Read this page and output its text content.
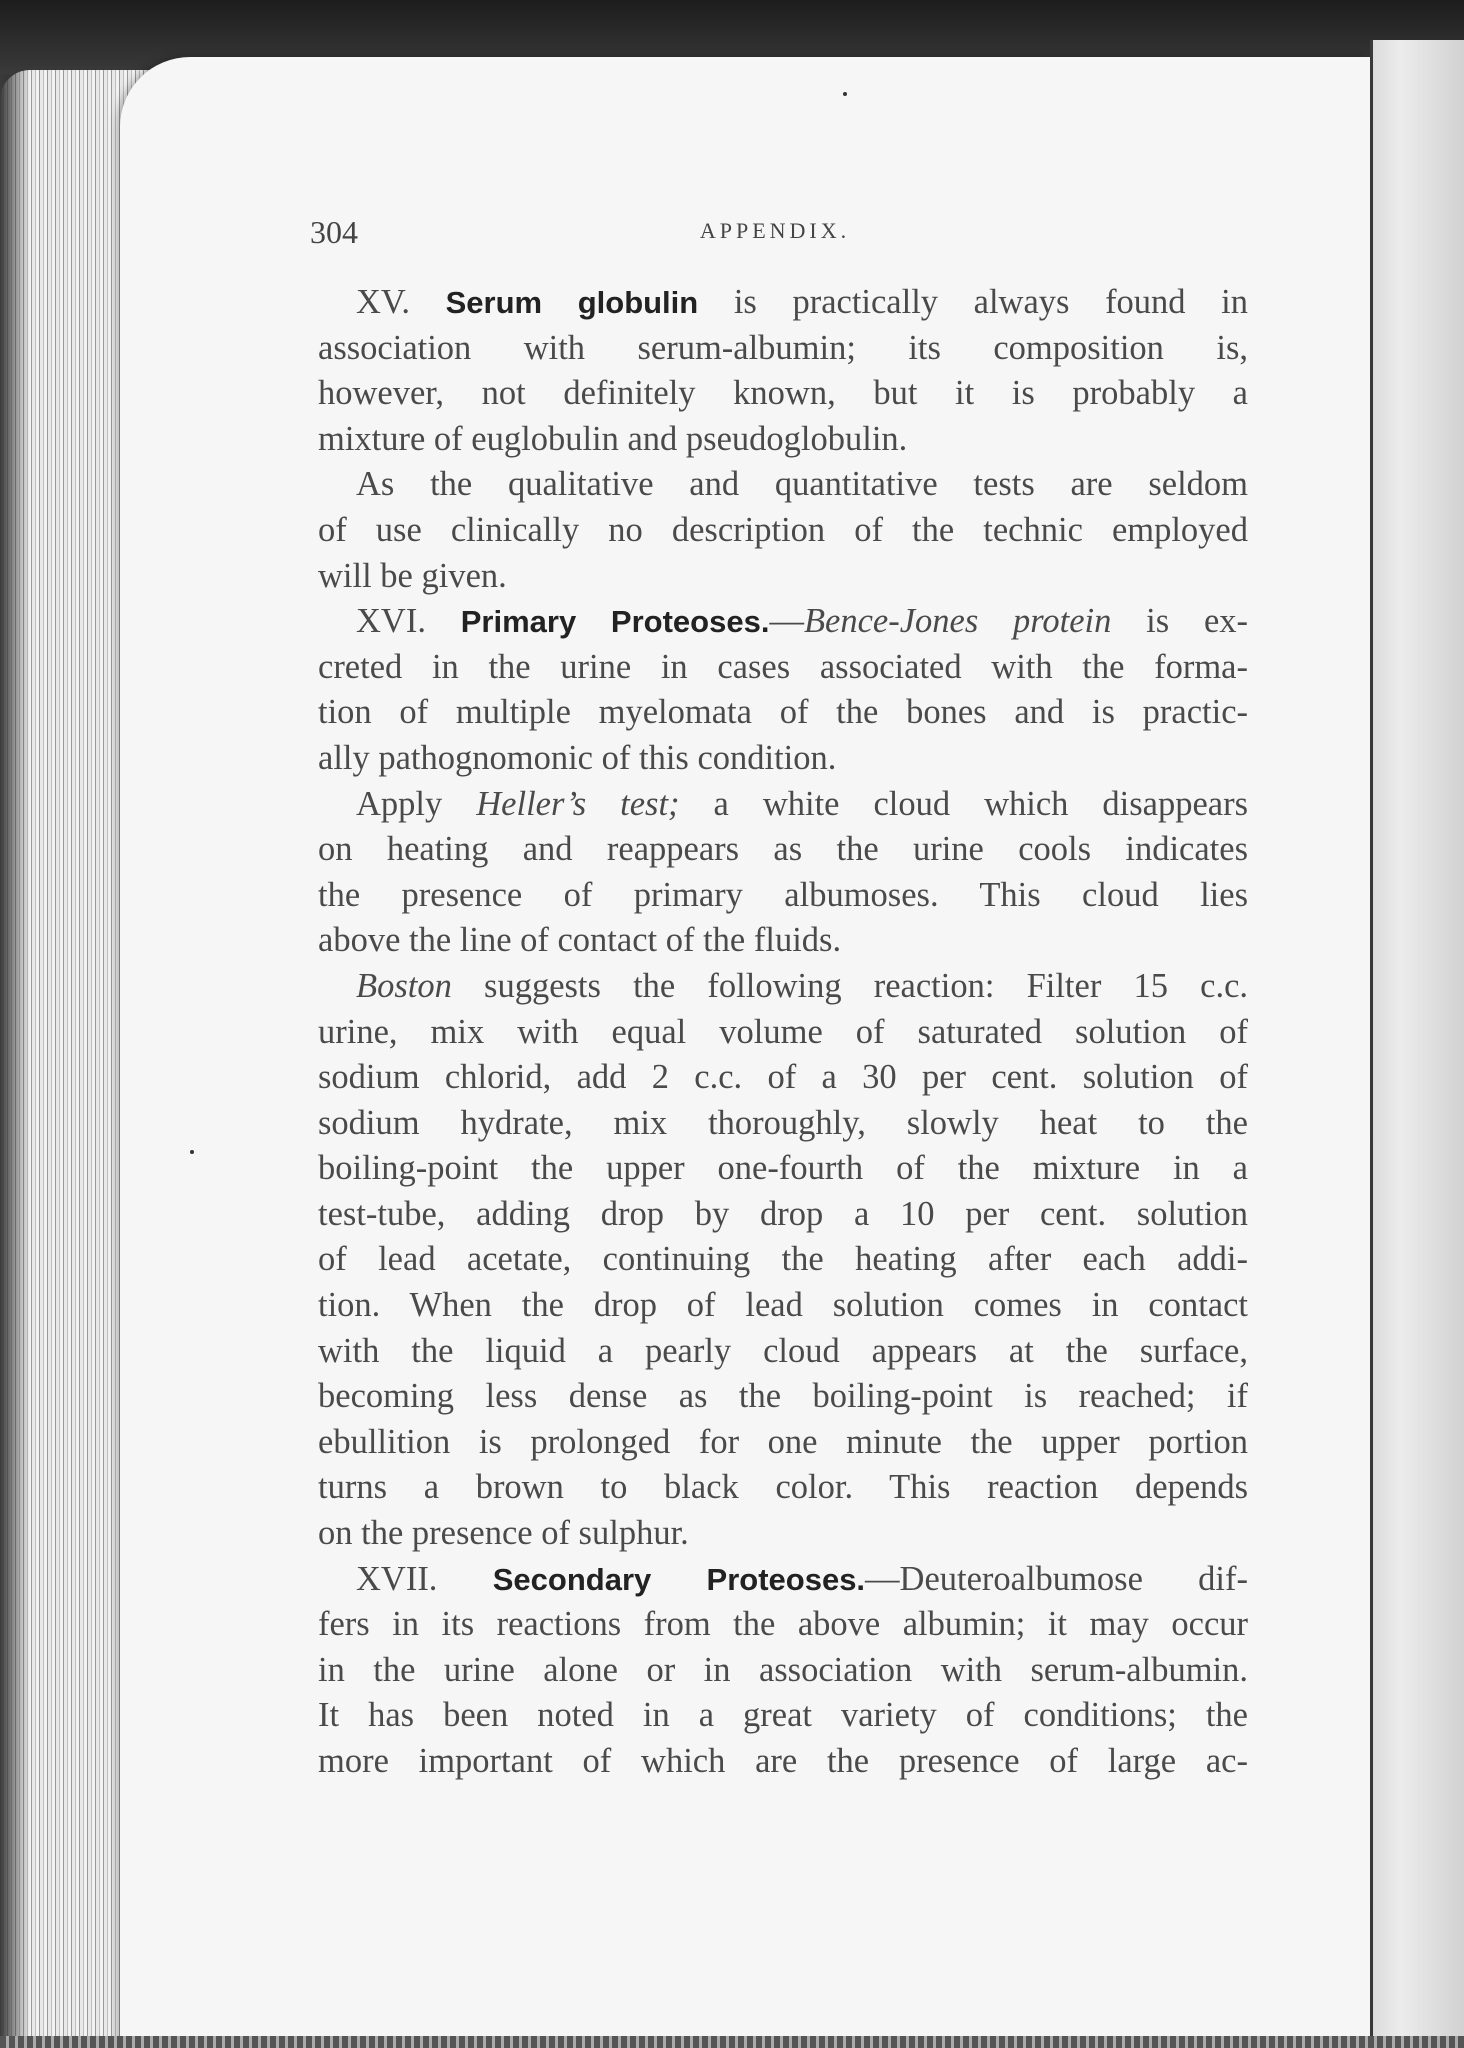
304	APPENDIX.
XV. Serum globulin is practically always found in
association with serum-albumin; its composition is,
however, not definitely known, but it is probably a
mixture of euglobulin and pseudoglobulin.
As the qualitative and quantitative tests are seldom
of use clinically no description of the technic employed
will be given.
XVI. Primary Proteoses.—Bence-Jones protein is ex-
creted in the urine in cases associated with the forma-
tion of multiple myelomata of the bones and is practic-
ally pathognomonic of this condition.
Apply Heller’s test; a white cloud which disappears
on heating and reappears as the urine cools indicates
the presence of primary albumoses. This cloud lies
above the line of contact of the fluids.
Boston suggests the following reaction: Filter 15 c.c.
urine, mix with equal volume of saturated solution of
sodium chlorid, add 2 c.c. of a 30 per cent. solution of
sodium hydrate, mix thoroughly, slowly heat to the
boiling-point the upper one-fourth of the mixture in a
test-tube, adding drop by drop a 10 per cent. solution
of lead acetate, continuing the heating after each addi-
tion. When the drop of lead solution comes in contact
with the liquid a pearly cloud appears at the surface,
becoming less dense as the boiling-point is reached; if
ebullition is prolonged for one minute the upper portion
turns a brown to black color. This reaction depends
on the presence of sulphur.
XVII. Secondary Proteoses.—Deuteroalbumose dif-
fers in its reactions from the above albumin; it may occur
in the urine alone or in association with serum-albumin.
It has been noted in a great variety of conditions; the
more important of which are the presence of large ac-
